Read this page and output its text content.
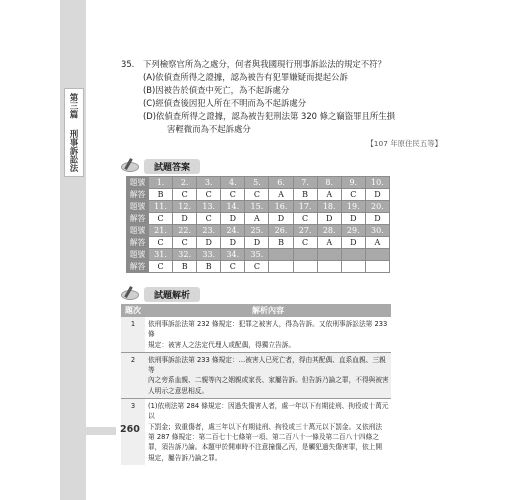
第三篇 刑事訴訟法
35.	下列檢察官所為之處分，何者與我國現行刑事訴訟法的規定不符？
(A)依偵查所得之證據，認為被告有犯罪嫌疑而提起公訴
(B)因被告於偵查中死亡，為不起訴處分
(C)經偵查後因犯人所在不明而為不起訴處分
(D)依偵查所得之證據，認為被告犯刑法第 320 條之竊盜罪且所生損
害輕微而為不起訴處分
【107 年原住民五等】
試題答案
題號	1.	2.	3.	4.	5.	6.	7.	8.	9.	10.
解答	B	C	C	C	C	A	B	A	C	D
題號	11.	12.	13.	14.	15.	16.	17.	18.	19.	20.
解答	C	D	C	D	A	D	C	D	D	D
題號	21.	22.	23.	24.	25.	26.	27.	28.	29.	30.
解答	C	C	D	D	D	B	C	A	D	A
題號	31.	32.	33.	34.	35.					
解答	C	B	B	C	C					
試題解析
題次	解析內容
1	依刑事訴訟法第 232 條規定：犯罪之被害人，得為告訴。又依刑事訴訟法第 233 條
規定：被害人之法定代理人或配偶，得獨立告訴。

2	依刑事訴訟法第 233 條規定：…被害人已死亡者，得由其配偶、直系血親、三親等
內之旁系血親、二親等內之姻親或家長、家屬告訴。但告訴乃論之罪，不得與被害
人明示之意思相反。

3	(1)依刑法第 284 條規定：因過失傷害人者，處一年以下有期徒刑、拘役或十萬元以
下罰金；致重傷者，處三年以下有期徒刑、拘役或三十萬元以下罰金。又依刑法
第 287 條規定：第二百七十七條第一項、第二百八十一條及第二百八十四條之
罪，須告訴乃論。本題甲於開車時不注意撞傷乙丙，是觸犯過失傷害罪，依上開
規定，屬告訴乃論之罪。
260
